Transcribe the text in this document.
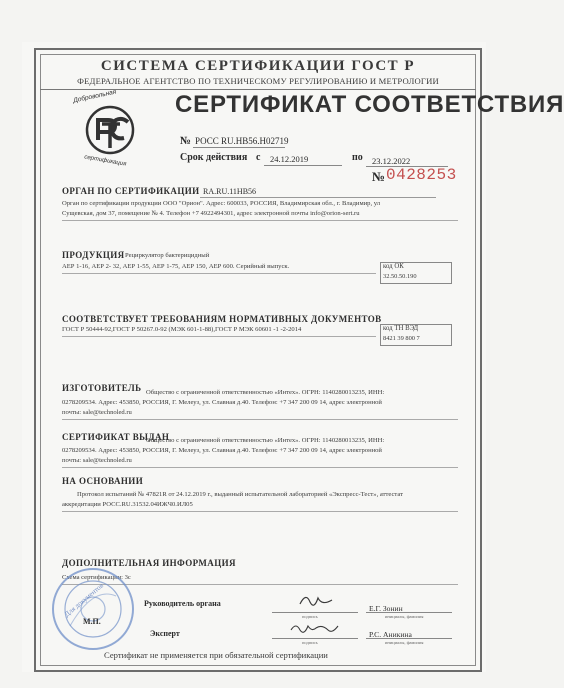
СИСТЕМА СЕРТИФИКАЦИИ ГОСТ Р
ФЕДЕРАЛЬНОЕ АГЕНТСТВО ПО ТЕХНИЧЕСКОМУ РЕГУЛИРОВАНИЮ И МЕТРОЛОГИИ
Добровольная
сертификация
СЕРТИФИКАТ СООТВЕТСТВИЯ
№ РОСС RU.HB56.H02719
Срок действия с 24.12.2019	по 23.12.2022
№ 0428253
ОРГАН ПО СЕРТИФИКАЦИИ RA.RU.11HB56
Орган по сертификации продукции ООО "Орион". Адрес: 600033, РОССИЯ, Владимирская обл., г. Владимир, ул
Сущевская, дом 37, помещение № 4. Телефон +7 4922494301, адрес электронной почты info@orion-sert.ru
ПРОДУКЦИЯ Рециркулятор бактерицидный
АЕР 1-16, АЕР 2- 32, АЕР 1-55, АЕР 1-75, АЕР 150, АЕР 600. Серийный выпуск.	код ОК
32.50.50.190
СООТВЕТСТВУЕТ ТРЕБОВАНИЯМ НОРМАТИВНЫХ ДОКУМЕНТОВ
ГОСТ Р 50444-92,ГОСТ Р 50267.0-92 (МЭК 601-1-88),ГОСТ Р МЭК 60601 -1 -2-2014	код ТН ВЭД
8421 39 800 7
ИЗГОТОВИТЕЛЬ Общество с ограниченной ответственностью «Интех». ОГРН: 1140280013235, ИНН:
0278209534. Адрес: 453850, РОССИЯ, Г. Мелеуз, ул. Славная д.40. Телефон: +7 347 200 09 14, адрес электронной
почты: sale@technoled.ru
СЕРТИФИКАТ ВЫДАН
Общество с ограниченной ответственностью «Интех». ОГРН: 1140280013235, ИНН:
0278209534. Адрес: 453850, РОССИЯ, Г. Мелеуз, ул. Славная д.40. Телефон: +7 347 200 09 14, адрес электронной
почты: sale@technoled.ru
НА ОСНОВАНИИ
Протокол испытаний № 47821R от 24.12.2019 г., выданный испытательной лабораторией «Экспресс-Тест», аттестат
аккредитации РОСС.RU.31532.04ИЖЧ0.ИЛ05
ДОПОЛНИТЕЛЬНАЯ ИНФОРМАЦИЯ
Схема сертификации: 3с
Для документов
М.П.
Руководитель органа
подпись
Е.Г. Зонин
инициалы, фамилия
Эксперт
подпись
Р.С. Аникина
инициалы, фамилия
Сертификат не применяется при обязательной сертификации
